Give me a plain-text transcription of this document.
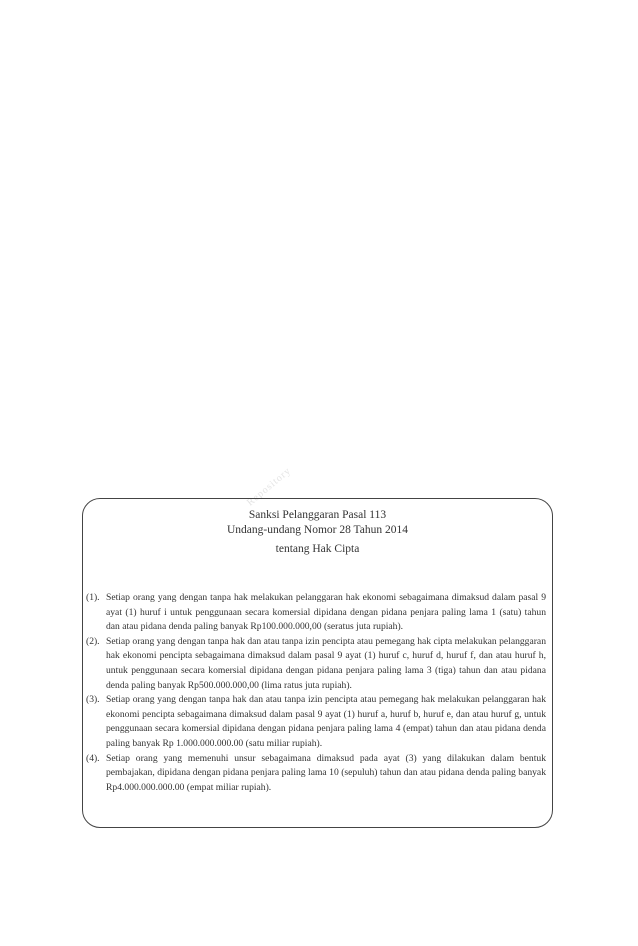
Repository
Sanksi Pelanggaran Pasal 113
Undang-undang Nomor 28 Tahun 2014
tentang Hak Cipta
(1). Setiap orang yang dengan tanpa hak melakukan pelanggaran hak ekonomi sebagaimana dimaksud dalam pasal 9 ayat (1) huruf i untuk penggunaan secara komersial dipidana dengan pidana penjara paling lama 1 (satu) tahun dan atau pidana denda paling banyak Rp100.000.000,00 (seratus juta rupiah).
(2). Setiap orang yang dengan tanpa hak dan atau tanpa izin pencipta atau pemegang hak cipta melakukan pelanggaran hak ekonomi pencipta sebagaimana dimaksud dalam pasal 9 ayat (1) huruf c, huruf d, huruf f, dan atau huruf h, untuk penggunaan secara komersial dipidana dengan pidana penjara paling lama 3 (tiga) tahun dan atau pidana denda paling banyak Rp500.000.000,00 (lima ratus juta rupiah).
(3). Setiap orang yang dengan tanpa hak dan atau tanpa izin pencipta atau pemegang hak melakukan pelanggaran hak ekonomi pencipta sebagaimana dimaksud dalam pasal 9 ayat (1) huruf a, huruf b, huruf e, dan atau huruf g, untuk penggunaan secara komersial dipidana dengan pidana penjara paling lama 4 (empat) tahun dan atau pidana denda paling banyak Rp 1.000.000.000.00 (satu miliar rupiah).
(4). Setiap orang yang memenuhi unsur sebagaimana dimaksud pada ayat (3) yang dilakukan dalam bentuk pembajakan, dipidana dengan pidana penjara paling lama 10 (sepuluh) tahun dan atau pidana denda paling banyak Rp4.000.000.000.00 (empat miliar rupiah).
